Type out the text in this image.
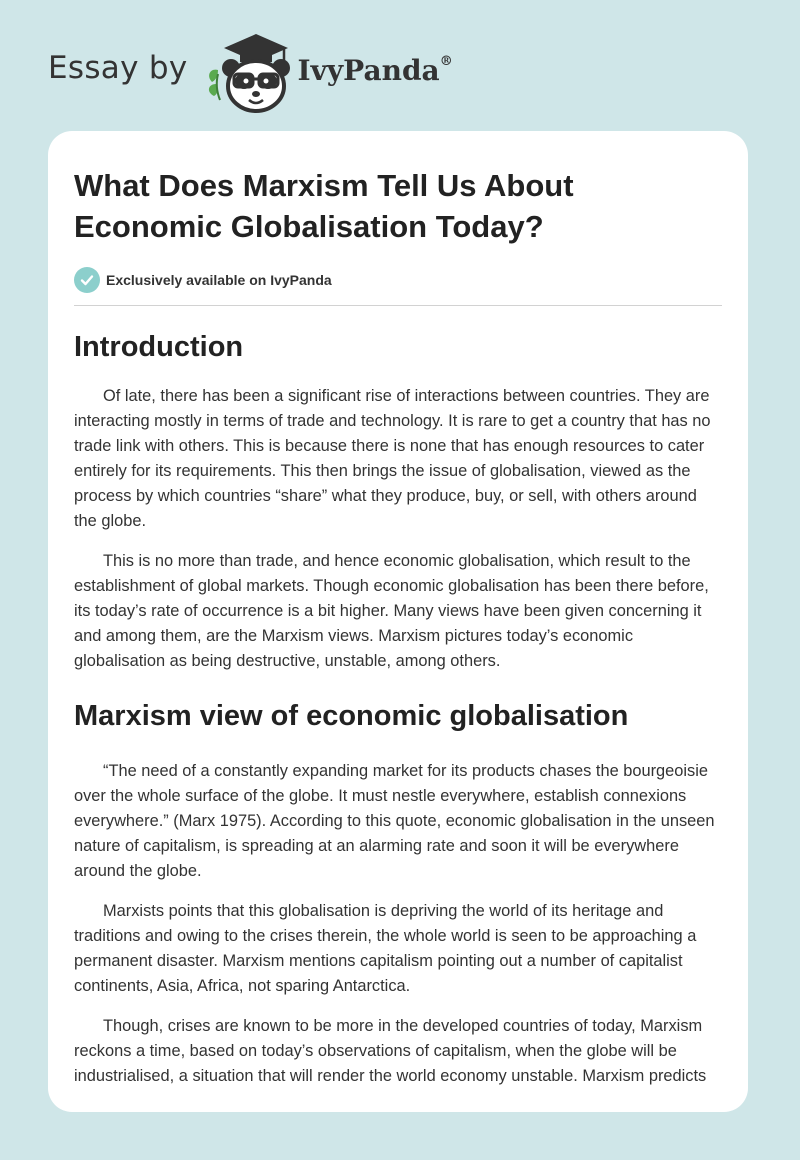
Essay by	IvyPanda®
What Does Marxism Tell Us About
Economic Globalisation Today?
Exclusively available on IvyPanda
Introduction

Of late, there has been a significant rise of interactions between countries. They are interacting mostly in terms of trade and technology. It is rare to get a country that has no trade link with others. This is because there is none that has enough resources to cater entirely for its requirements. This then brings the issue of globalisation, viewed as the process by which countries “share” what they produce, buy, or sell, with others around the globe.

This is no more than trade, and hence economic globalisation, which result to the establishment of global markets. Though economic globalisation has been there before, its today’s rate of occurrence is a bit higher. Many views have been given concerning it and among them, are the Marxism views. Marxism pictures today’s economic globalisation as being destructive, unstable, among others.

Marxism view of economic globalisation

“The need of a constantly expanding market for its products chases the bourgeoisie over the whole surface of the globe. It must nestle everywhere, establish connexions everywhere.” (Marx 1975). According to this quote, economic globalisation in the unseen nature of capitalism, is spreading at an alarming rate and soon it will be everywhere around the globe.

Marxists points that this globalisation is depriving the world of its heritage and traditions and owing to the crises therein, the whole world is seen to be approaching a permanent disaster. Marxism mentions capitalism pointing out a number of capitalist continents, Asia, Africa, not sparing Antarctica.

Though, crises are known to be more in the developed countries of today, Marxism reckons a time, based on today’s observations of capitalism, when the globe will be industrialised, a situation that will render the world economy unstable. Marxism predicts
